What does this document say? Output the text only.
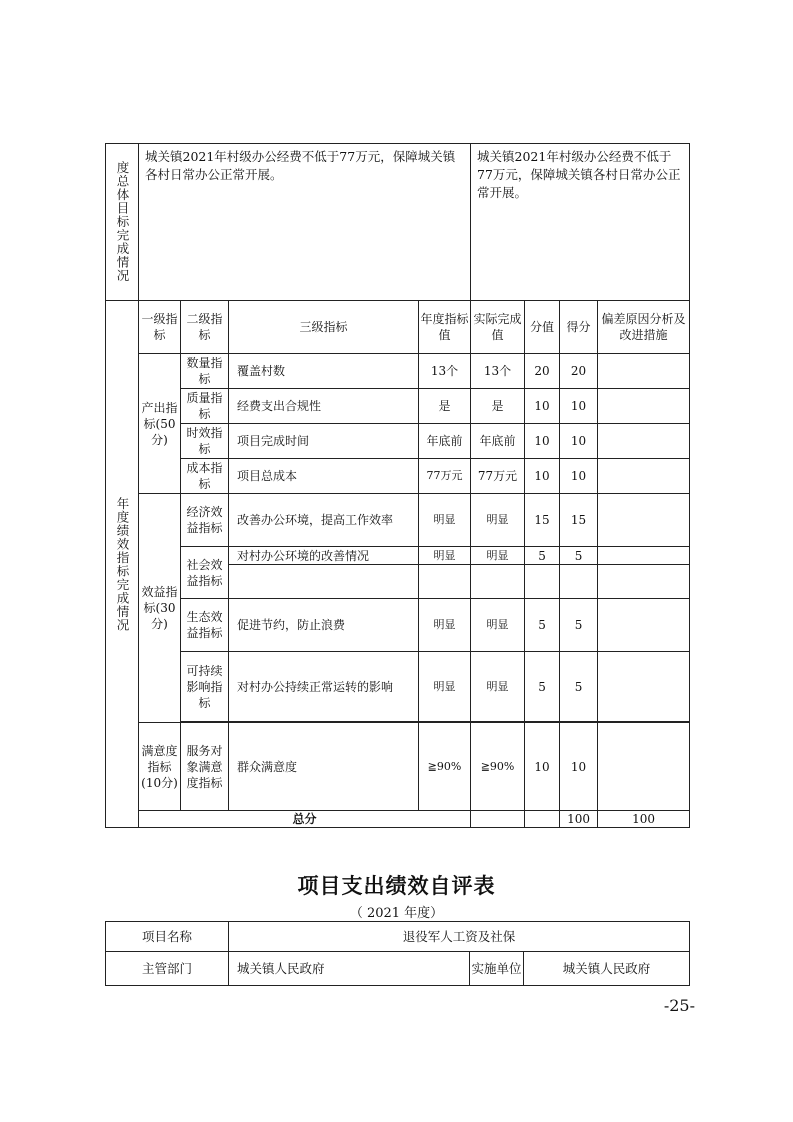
度总体目标完成情况	城关镇2021年村级办公经费不低于77万元，保障城关镇各村日常办公正常开展。				城关镇2021年村级办公经费不低于77万元，保障城关镇各村日常办公正常开展。				
年度绩效指标完成情况	一级指标	二级指标	三级指标	年度指标值	实际完成值	分值	得分	偏差原因分析及改进措施	
	产出指标(50分)	数量指标	覆盖村数	13个	13个	20	20		
		质量指标	经费支出合规性	是	是	10	10		
		时效指标	项目完成时间	年底前	年底前	10	10		
		成本指标	项目总成本	77万元	77万元	10	10		
	效益指标(30分)	经济效益指标	改善办公环境，提高工作效率	明显	明显	15	15		
		社会效益指标	对村办公环境的改善情况	明显	明显	5	5		

		生态效益指标	促进节约，防止浪费	明显	明显	5	5		
		可持续影响指标	对村办公持续正常运转的影响	明显	明显	5	5		

	满意度指标(10分)	服务对象满意度指标	群众满意度	≧90%	≧90%	10	10		
	总分						100	100	
项目支出绩效自评表
（ 2021 年度）
项目名称	退役军人工资及社保		
主管部门	城关镇人民政府	实施单位	城关镇人民政府
-25-
